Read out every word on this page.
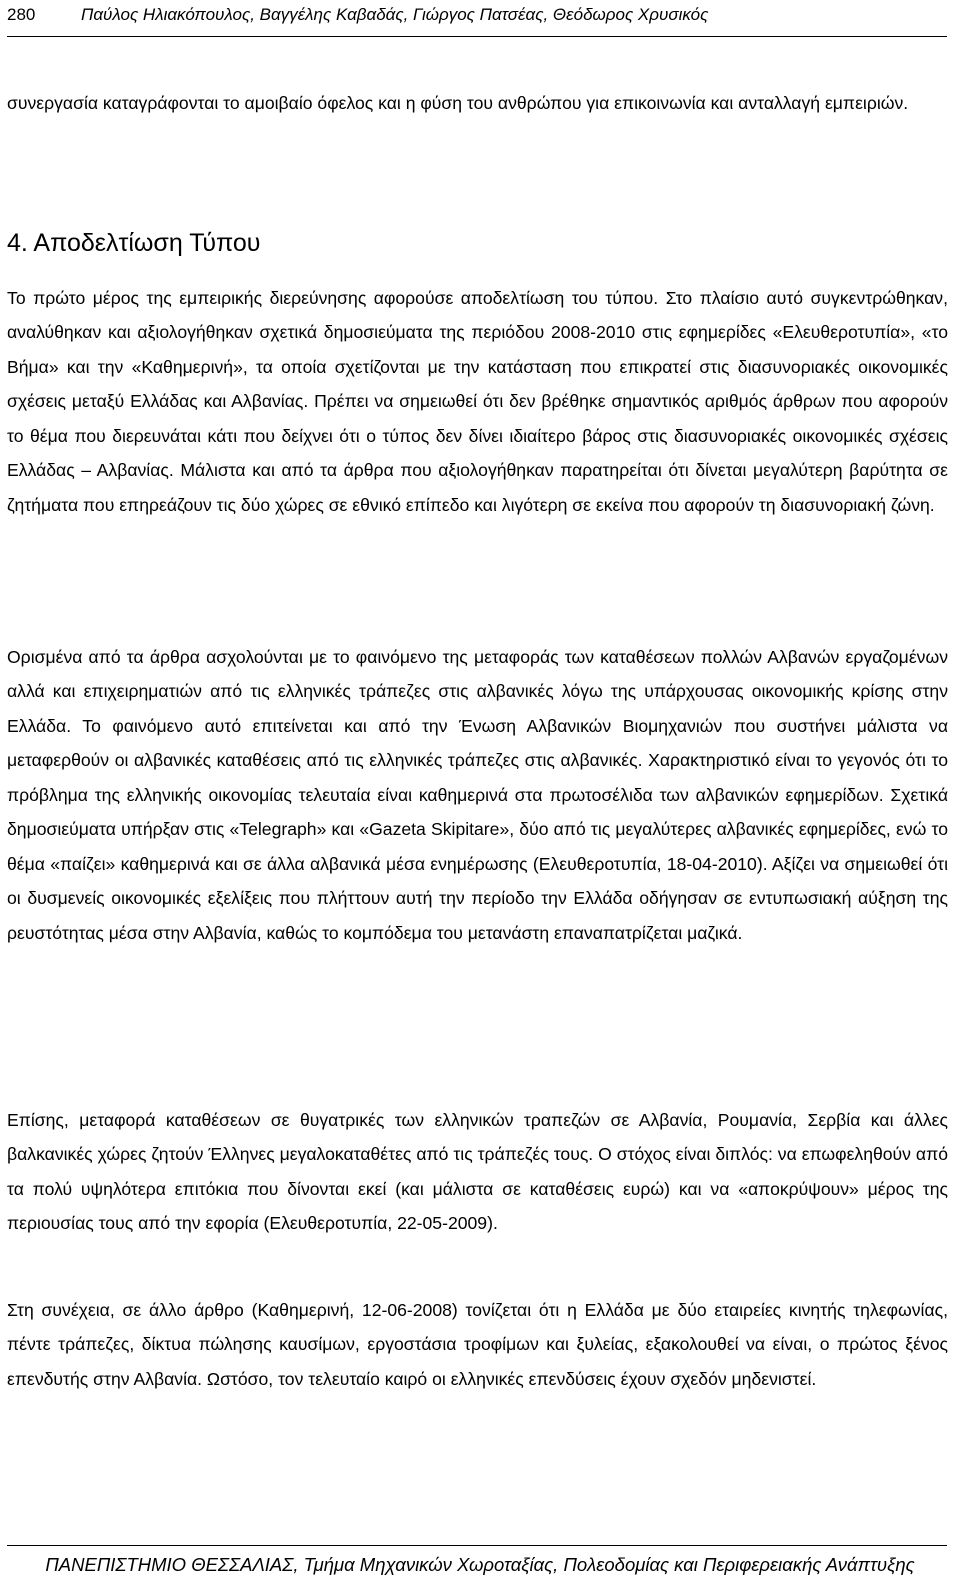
280	Παύλος Ηλιακόπουλος, Βαγγέλης Καβαδάς, Γιώργος Πατσέας, Θεόδωρος Χρυσικός

συνεργασία καταγράφονται το αμοιβαίο όφελος και η φύση του ανθρώπου για επικοινωνία και ανταλλαγή εμπειριών.

4. Αποδελτίωση Τύπου

Το πρώτο μέρος της εμπειρικής διερεύνησης αφορούσε αποδελτίωση του τύπου. Στο πλαίσιο αυτό συγκεντρώθηκαν, αναλύθηκαν και αξιολογήθηκαν σχετικά δημοσιεύματα της περιόδου 2008-2010 στις εφημερίδες «Ελευθεροτυπία», «το Βήμα» και την «Καθημερινή», τα οποία σχετίζονται με την κατάσταση που επικρατεί στις διασυνοριακές οικονομικές σχέσεις μεταξύ Ελλάδας και Αλβανίας. Πρέπει να σημειωθεί ότι δεν βρέθηκε σημαντικός αριθμός άρθρων που αφορούν το θέμα που διερευνάται κάτι που δείχνει ότι ο τύπος δεν δίνει ιδιαίτερο βάρος στις διασυνοριακές οικονομικές σχέσεις Ελλάδας – Αλβανίας. Μάλιστα και από τα άρθρα που αξιολογήθηκαν παρατηρείται ότι δίνεται μεγαλύτερη βαρύτητα σε ζητήματα που επηρεάζουν τις δύο χώρες σε εθνικό επίπεδο και λιγότερη σε εκείνα που αφορούν τη διασυνοριακή ζώνη.

Ορισμένα από τα άρθρα ασχολούνται με το φαινόμενο της μεταφοράς των καταθέσεων πολλών Αλβανών εργαζομένων αλλά και επιχειρηματιών από τις ελληνικές τράπεζες στις αλβανικές λόγω της υπάρχουσας οικονομικής κρίσης στην Ελλάδα. Το φαινόμενο αυτό επιτείνεται και από την Ένωση Αλβανικών Βιομηχανιών που συστήνει μάλιστα να μεταφερθούν οι αλβανικές καταθέσεις από τις ελληνικές τράπεζες στις αλβανικές. Χαρακτηριστικό είναι το γεγονός ότι το πρόβλημα της ελληνικής οικονομίας τελευταία είναι καθημερινά στα πρωτοσέλιδα των αλβανικών εφημερίδων. Σχετικά δημοσιεύματα υπήρξαν στις «Telegraph» και «Gazeta Skipitare», δύο από τις μεγαλύτερες αλβανικές εφημερίδες, ενώ το θέμα «παίζει» καθημερινά και σε άλλα αλβανικά μέσα ενημέρωσης (Ελευθεροτυπία, 18-04-2010). Αξίζει να σημειωθεί ότι οι δυσμενείς οικονομικές εξελίξεις που πλήττουν αυτή την περίοδο την Ελλάδα οδήγησαν σε εντυπωσιακή αύξηση της ρευστότητας μέσα στην Αλβανία, καθώς το κομπόδεμα του μετανάστη επαναπατρίζεται μαζικά.

Επίσης, μεταφορά καταθέσεων σε θυγατρικές των ελληνικών τραπεζών σε Αλβανία, Ρουμανία, Σερβία και άλλες βαλκανικές χώρες ζητούν Έλληνες μεγαλοκαταθέτες από τις τράπεζές τους. Ο στόχος είναι διπλός: να επωφεληθούν από τα πολύ υψηλότερα επιτόκια που δίνονται εκεί (και μάλιστα σε καταθέσεις ευρώ) και να «αποκρύψουν» μέρος της περιουσίας τους από την εφορία (Ελευθεροτυπία, 22-05-2009).

Στη συνέχεια, σε άλλο άρθρο (Καθημερινή, 12-06-2008) τονίζεται ότι η Ελλάδα με δύο εταιρείες κινητής τηλεφωνίας, πέντε τράπεζες, δίκτυα πώλησης καυσίμων, εργοστάσια τροφίμων και ξυλείας, εξακολουθεί να είναι, ο πρώτος ξένος επενδυτής στην Αλβανία. Ωστόσο, τον τελευταίο καιρό οι ελληνικές επενδύσεις έχουν σχεδόν μηδενιστεί.

ΠΑΝΕΠΙΣΤΗΜΙΟ ΘΕΣΣΑΛΙΑΣ, Τμήμα Μηχανικών Χωροταξίας, Πολεοδομίας και Περιφερειακής Ανάπτυξης
